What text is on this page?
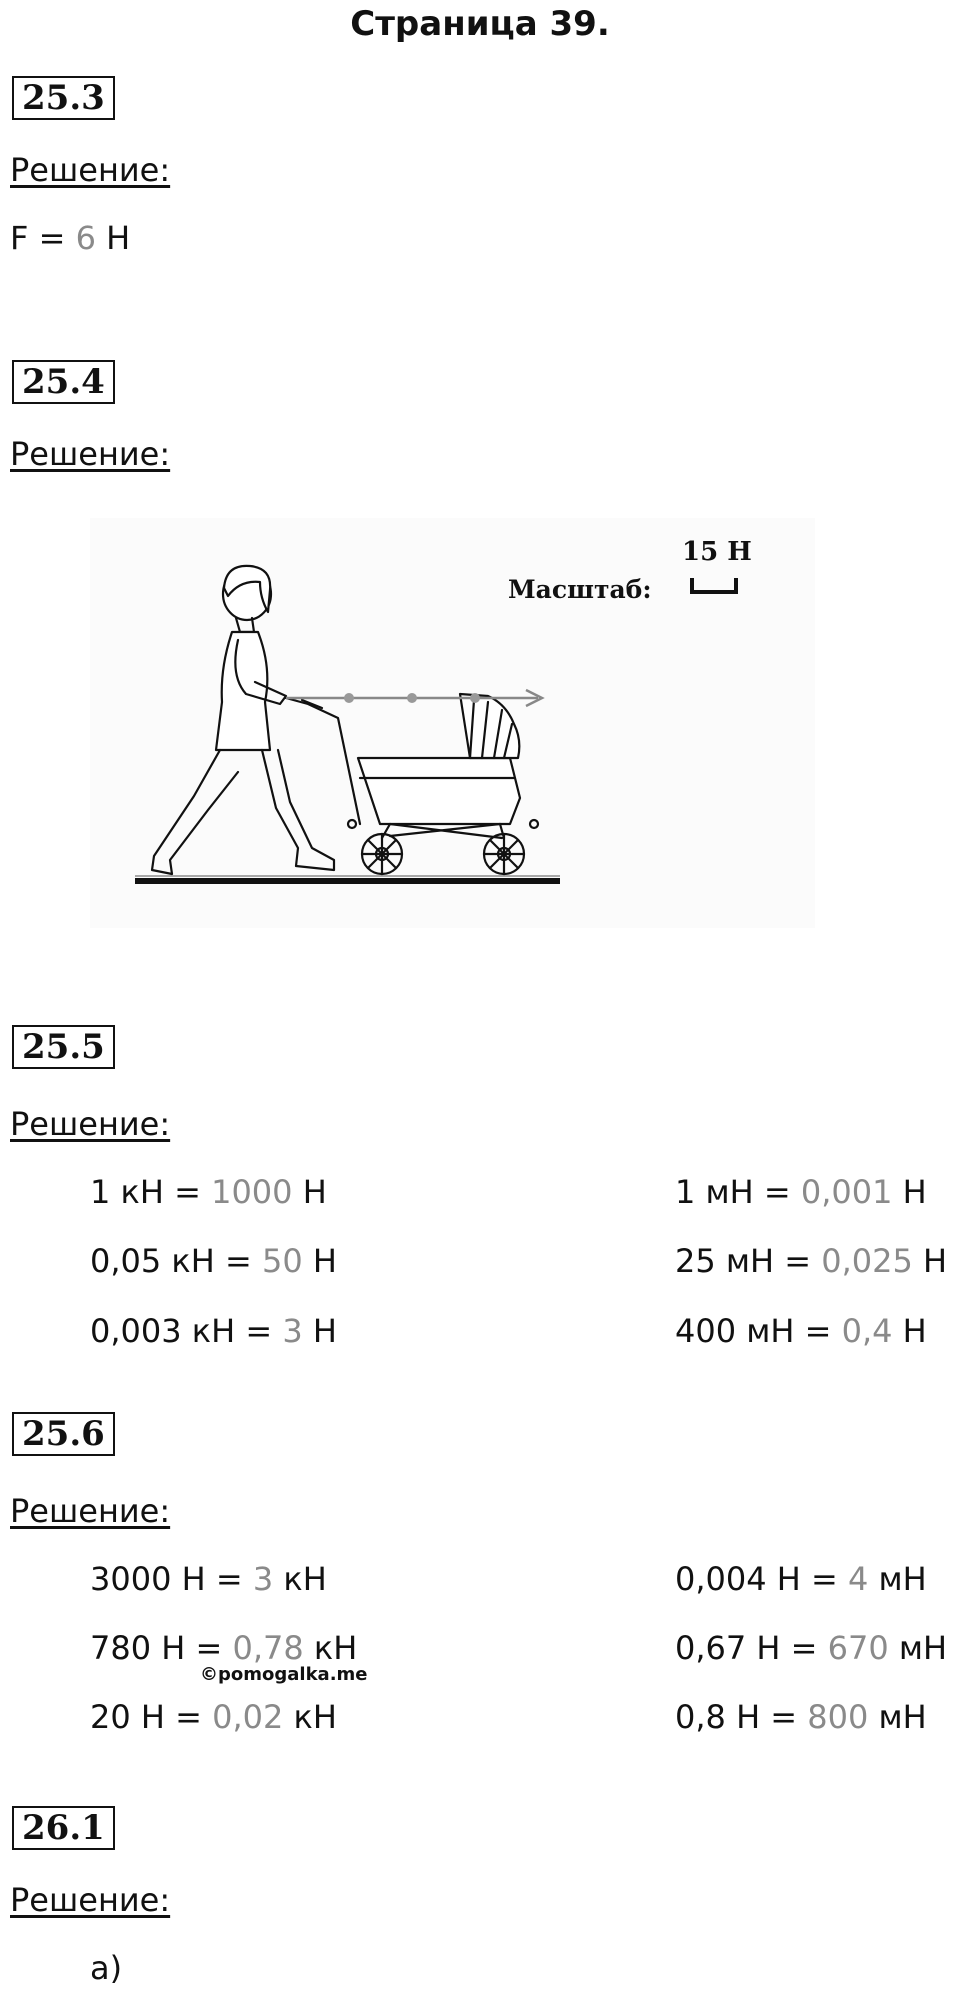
Страница 39.
25.3
Решение:
F = 6 Н
25.4
Решение:
15 Н
Масштаб:
25.5
Решение:
1 кН = 1000 Н
0,05 кН = 50 Н
0,003 кН = 3 Н
1 мН = 0,001 Н
25 мН = 0,025 Н
400 мН = 0,4 Н
25.6
Решение:
3000 Н = 3 кН
780 Н = 0,78 кН
20 Н = 0,02 кН
0,004 Н = 4 мН
0,67 Н = 670 мН
0,8 Н = 800 мН
©pomogalka.me
26.1
Решение:
а)
